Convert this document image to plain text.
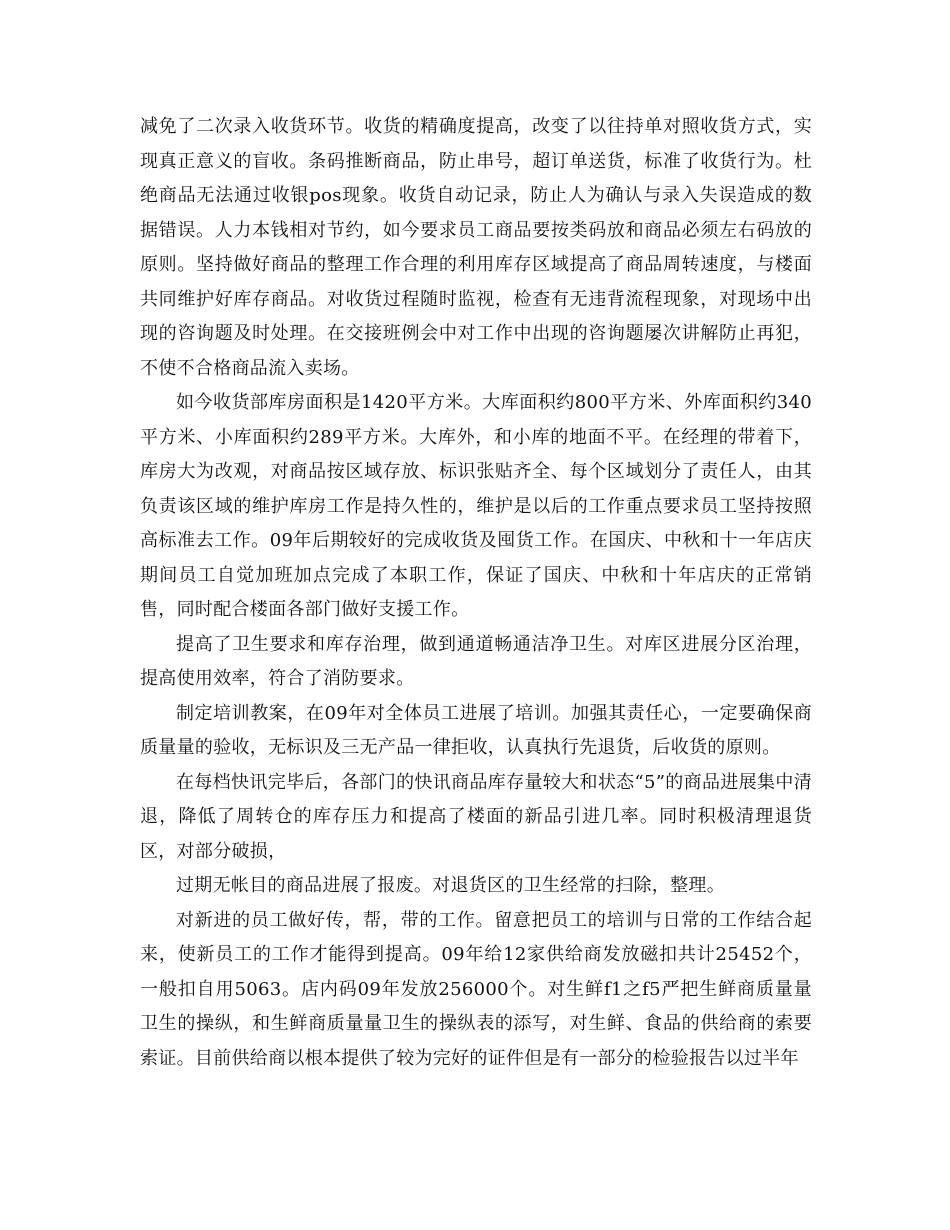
减免了二次录入收货环节。收货的精确度提高，改变了以往持单对照收货方式，实现真正意义的盲收。条码推断商品，防止串号，超订单送货，标准了收货行为。杜绝商品无法通过收银pos现象。收货自动记录，防止人为确认与录入失误造成的数据错误。人力本钱相对节约，如今要求员工商品要按类码放和商品必须左右码放的原则。坚持做好商品的整理工作合理的利用库存区域提高了商品周转速度，与楼面共同维护好库存商品。对收货过程随时监视，检查有无违背流程现象，对现场中出现的咨询题及时处理。在交接班例会中对工作中出现的咨询题屡次讲解防止再犯，不使不合格商品流入卖场。

如今收货部库房面积是1420平方米。大库面积约800平方米、外库面积约340平方米、小库面积约289平方米。大库外，和小库的地面不平。在经理的带着下，库房大为改观，对商品按区域存放、标识张贴齐全、每个区域划分了责任人，由其负责该区域的维护库房工作是持久性的，维护是以后的工作重点要求员工坚持按照高标准去工作。09年后期较好的完成收货及囤货工作。在国庆、中秋和十一年店庆期间员工自觉加班加点完成了本职工作，保证了国庆、中秋和十年店庆的正常销售，同时配合楼面各部门做好支援工作。

提高了卫生要求和库存治理，做到通道畅通洁净卫生。对库区进展分区治理，提高使用效率，符合了消防要求。

制定培训教案，在09年对全体员工进展了培训。加强其责任心，一定要确保商质量量的验收，无标识及三无产品一律拒收，认真执行先退货，后收货的原则。

在每档快讯完毕后，各部门的快讯商品库存量较大和状态“5”的商品进展集中清退，降低了周转仓的库存压力和提高了楼面的新品引进几率。同时积极清理退货区，对部分破损，

过期无帐目的商品进展了报废。对退货区的卫生经常的扫除，整理。

对新进的员工做好传，帮，带的工作。留意把员工的培训与日常的工作结合起来，使新员工的工作才能得到提高。09年给12家供给商发放磁扣共计25452个，一般扣自用5063。店内码09年发放256000个。对生鲜f1之f5严把生鲜商质量量卫生的操纵，和生鲜商质量量卫生的操纵表的添写，对生鲜、食品的供给商的索要索证。目前供给商以根本提供了较为完好的证件但是有一部分的检验报告以过半年
